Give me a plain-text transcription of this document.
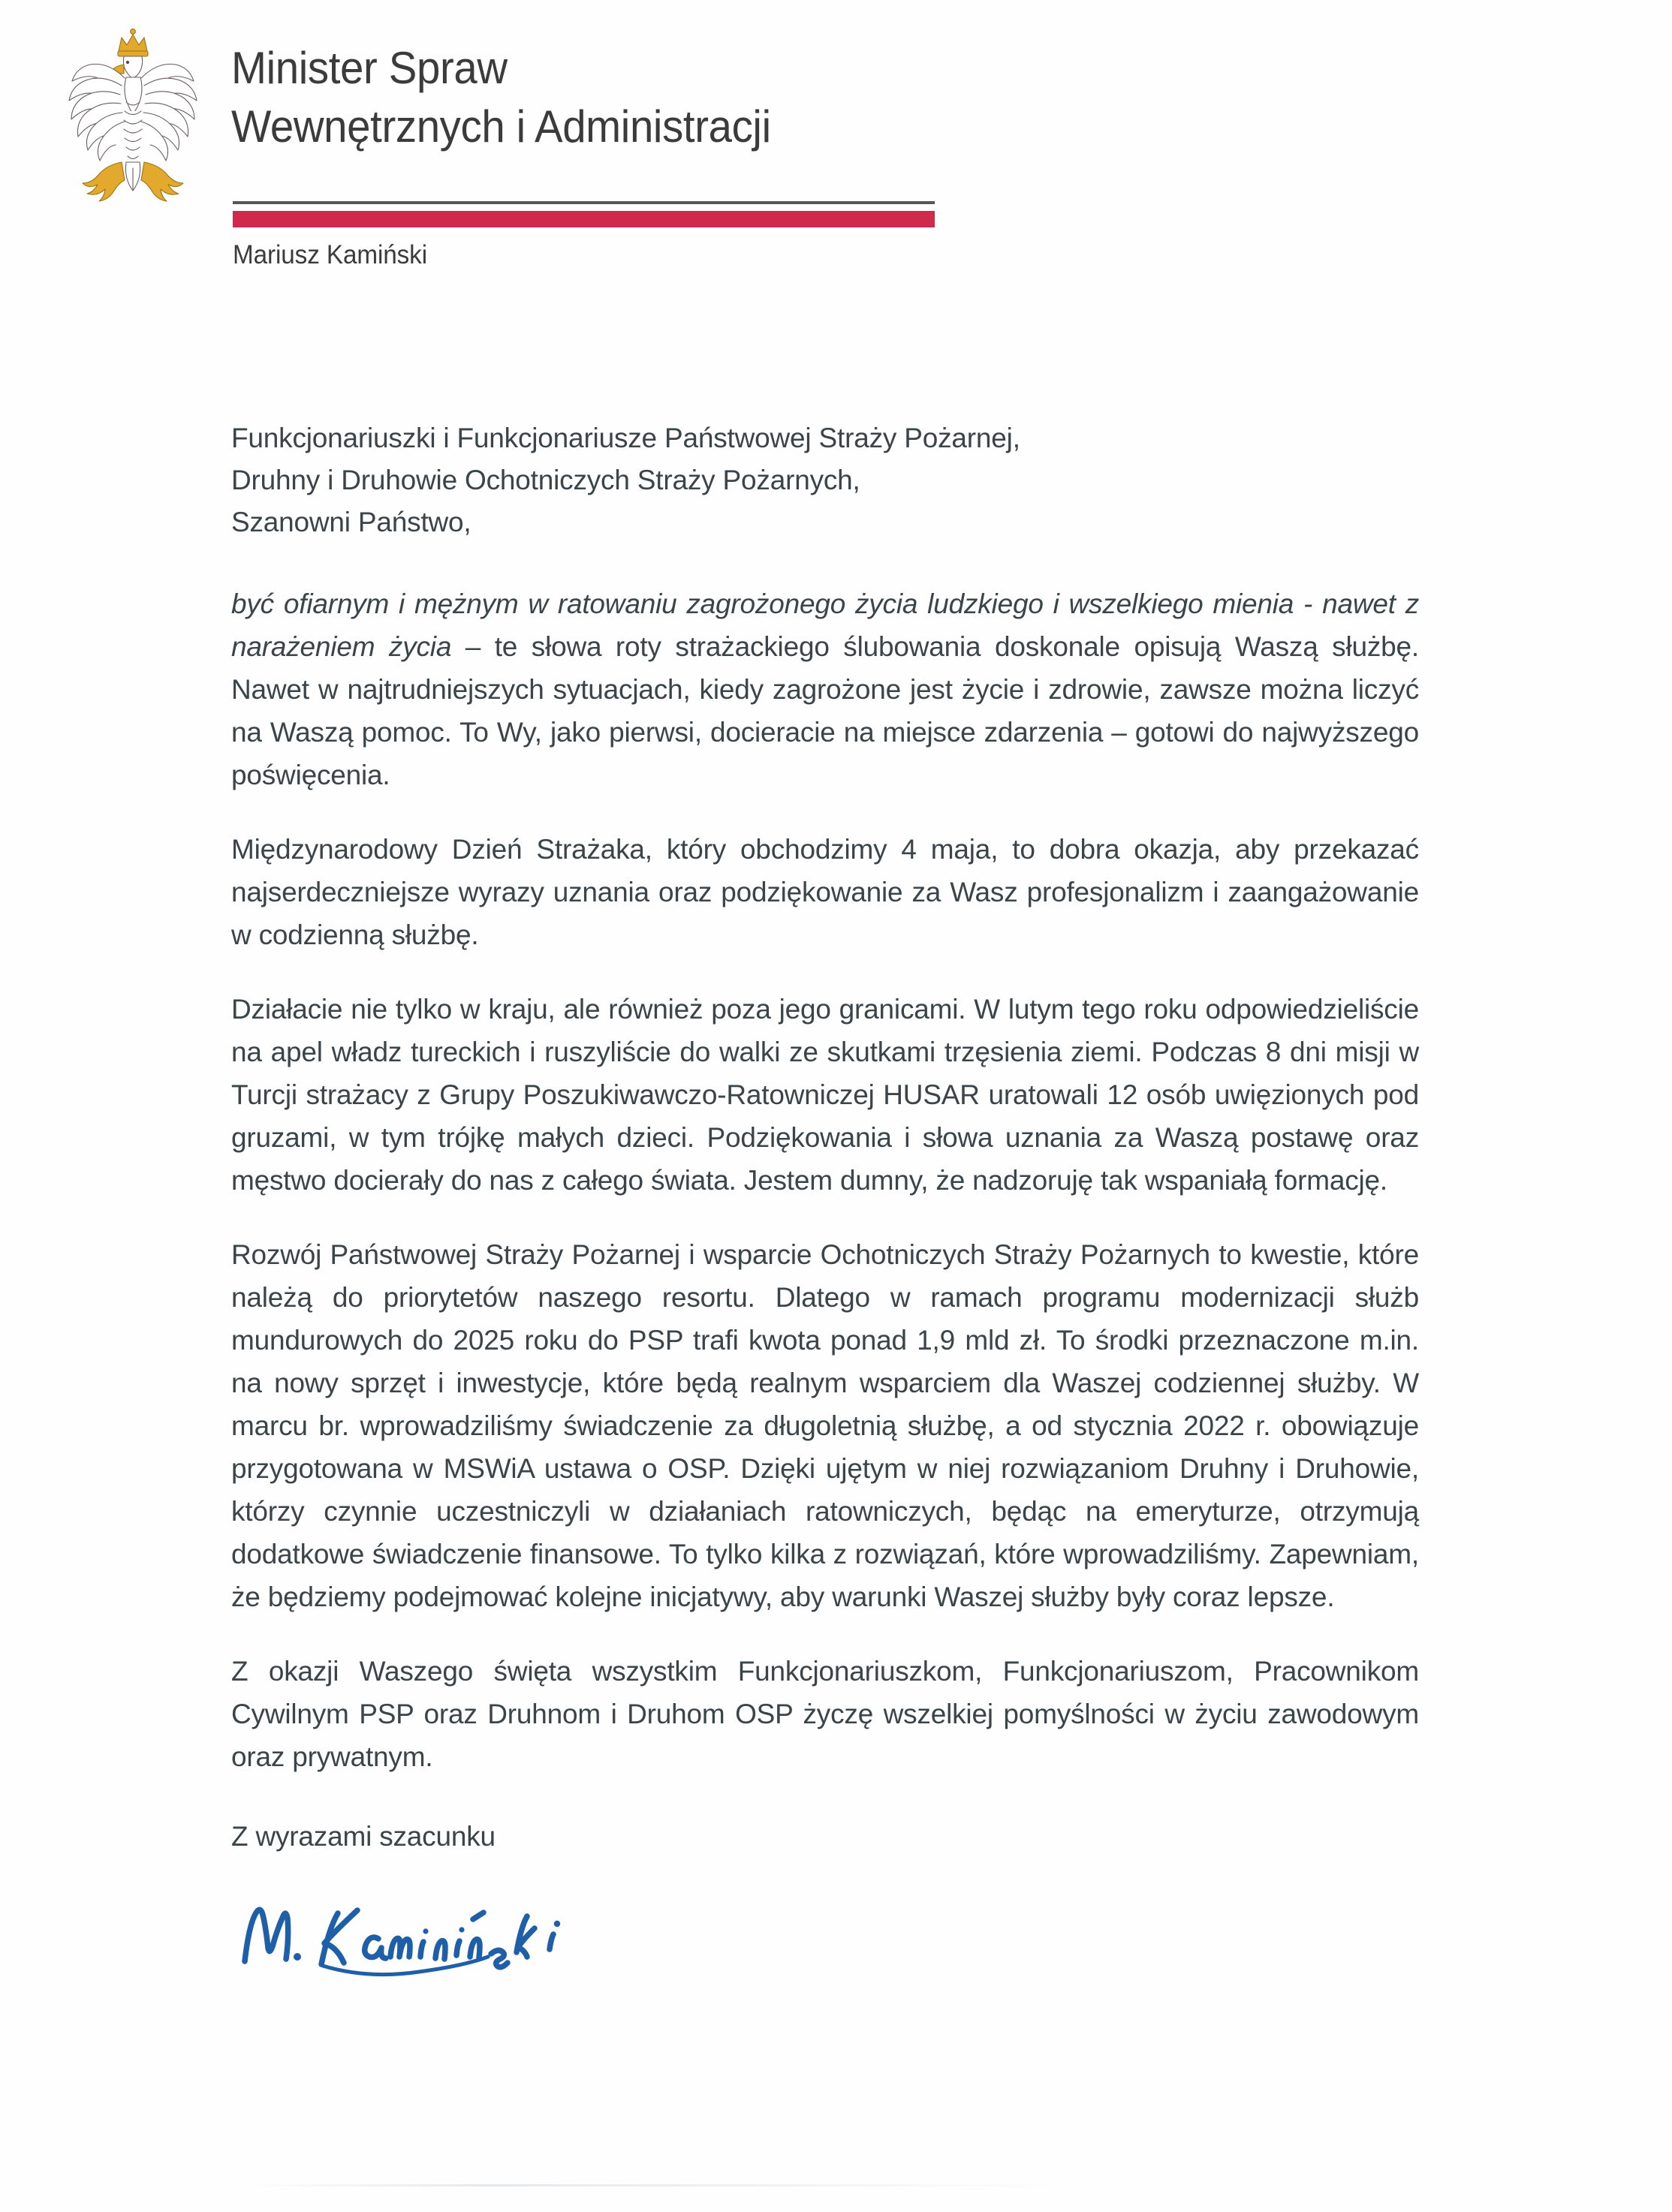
Minister Spraw
Wewnętrznych i Administracji
Mariusz Kamiński
Funkcjonariuszki i Funkcjonariusze Państwowej Straży Pożarnej,
Druhny i Druhowie Ochotniczych Straży Pożarnych,
Szanowni Państwo,

być ofiarnym i mężnym w ratowaniu zagrożonego życia ludzkiego i wszelkiego mienia - nawet z narażeniem życia – te słowa roty strażackiego ślubowania doskonale opisują Waszą służbę. Nawet w najtrudniejszych sytuacjach, kiedy zagrożone jest życie i zdrowie, zawsze można liczyć na Waszą pomoc. To Wy, jako pierwsi, docieracie na miejsce zdarzenia – gotowi do najwyższego poświęcenia.

Międzynarodowy Dzień Strażaka, który obchodzimy 4 maja, to dobra okazja, aby przekazać najserdeczniejsze wyrazy uznania oraz podziękowanie za Wasz profesjonalizm i zaangażowanie w codzienną służbę.

Działacie nie tylko w kraju, ale również poza jego granicami. W lutym tego roku odpowiedzieliście na apel władz tureckich i ruszyliście do walki ze skutkami trzęsienia ziemi. Podczas 8 dni misji w Turcji strażacy z Grupy Poszukiwawczo-Ratowniczej HUSAR uratowali 12 osób uwięzionych pod gruzami, w tym trójkę małych dzieci. Podziękowania i słowa uznania za Waszą postawę oraz męstwo docierały do nas z całego świata. Jestem dumny, że nadzoruję tak wspaniałą formację.

Rozwój Państwowej Straży Pożarnej i wsparcie Ochotniczych Straży Pożarnych to kwestie, które należą do priorytetów naszego resortu. Dlatego w ramach programu modernizacji służb mundurowych do 2025 roku do PSP trafi kwota ponad 1,9 mld zł. To środki przeznaczone m.in. na nowy sprzęt i inwestycje, które będą realnym wsparciem dla Waszej codziennej służby. W marcu br. wprowadziliśmy świadczenie za długoletnią służbę, a od stycznia 2022 r. obowiązuje przygotowana w MSWiA ustawa o OSP. Dzięki ujętym w niej rozwiązaniom Druhny i Druhowie, którzy czynnie uczestniczyli w działaniach ratowniczych, będąc na emeryturze, otrzymują dodatkowe świadczenie finansowe. To tylko kilka z rozwiązań, które wprowadziliśmy. Zapewniam, że będziemy podejmować kolejne inicjatywy, aby warunki Waszej służby były coraz lepsze.

Z okazji Waszego święta wszystkim Funkcjonariuszkom, Funkcjonariuszom, Pracownikom Cywilnym PSP oraz Druhnom i Druhom OSP życzę wszelkiej pomyślności w życiu zawodowym oraz prywatnym.

Z wyrazami szacunku
